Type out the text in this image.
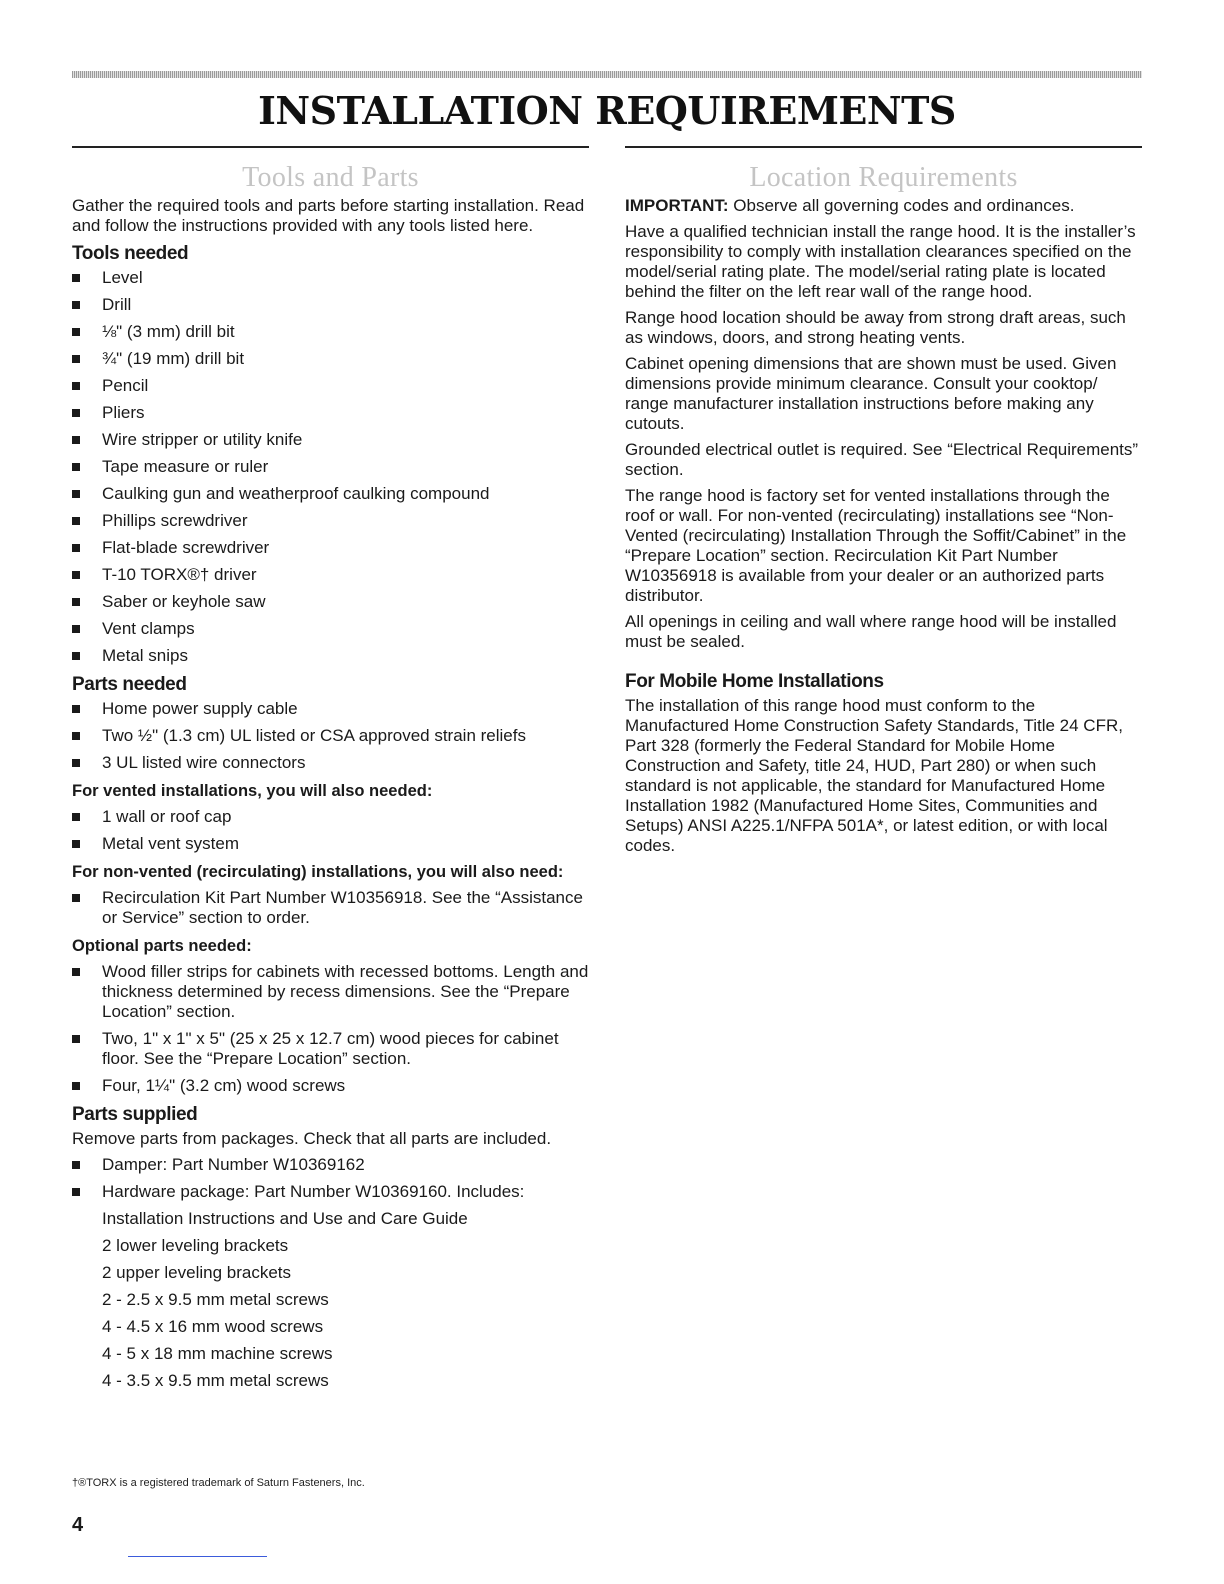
INSTALLATION REQUIREMENTS
Tools and Parts

Gather the required tools and parts before starting installation. Read and follow the instructions provided with any tools listed here.

Tools needed
Level
Drill
⅛" (3 mm) drill bit
¾" (19 mm) drill bit
Pencil
Pliers
Wire stripper or utility knife
Tape measure or ruler
Caulking gun and weatherproof caulking compound
Phillips screwdriver
Flat-blade screwdriver
T-10 TORX®† driver
Saber or keyhole saw
Vent clamps
Metal snips
Parts needed
Home power supply cable
Two ½" (1.3 cm) UL listed or CSA approved strain reliefs
3 UL listed wire connectors
For vented installations, you will also needed:
1 wall or roof cap
Metal vent system
For non-vented (recirculating) installations, you will also need:
Recirculation Kit Part Number W10356918. See the “Assistance or Service” section to order.
Optional parts needed:
Wood filler strips for cabinets with recessed bottoms. Length and thickness determined by recess dimensions. See the “Prepare Location” section.
Two, 1" x 1" x 5" (25 x 25 x 12.7 cm) wood pieces for cabinet floor. See the “Prepare Location” section.
Four, 1¼" (3.2 cm) wood screws
Parts supplied

Remove parts from packages. Check that all parts are included.

Damper: Part Number W10369162
Hardware package: Part Number W10369160. Includes:
Installation Instructions and Use and Care Guide
2 lower leveling brackets
2 upper leveling brackets
2 - 2.5 x 9.5 mm metal screws
4 - 4.5 x 16 mm wood screws
4 - 5 x 18 mm machine screws
4 - 3.5 x 9.5 mm metal screws
Location Requirements

IMPORTANT: Observe all governing codes and ordinances.

Have a qualified technician install the range hood. It is the installer’s responsibility to comply with installation clearances specified on the model/serial rating plate. The model/serial rating plate is located behind the filter on the left rear wall of the range hood.

Range hood location should be away from strong draft areas, such as windows, doors, and strong heating vents.

Cabinet opening dimensions that are shown must be used. Given dimensions provide minimum clearance. Consult your cooktop/ range manufacturer installation instructions before making any cutouts.

Grounded electrical outlet is required. See “Electrical Requirements” section.

The range hood is factory set for vented installations through the roof or wall. For non-vented (recirculating) installations see “Non-Vented (recirculating) Installation Through the Soffit/Cabinet” in the “Prepare Location” section. Recirculation Kit Part Number W10356918 is available from your dealer or an authorized parts distributor.

All openings in ceiling and wall where range hood will be installed must be sealed.

For Mobile Home Installations

The installation of this range hood must conform to the Manufactured Home Construction Safety Standards, Title 24 CFR, Part 328 (formerly the Federal Standard for Mobile Home Construction and Safety, title 24, HUD, Part 280) or when such standard is not applicable, the standard for Manufactured Home Installation 1982 (Manufactured Home Sites, Communities and Setups) ANSI A225.1/NFPA 501A*, or latest edition, or with local codes.

†®TORX is a registered trademark of Saturn Fasteners, Inc.
4
